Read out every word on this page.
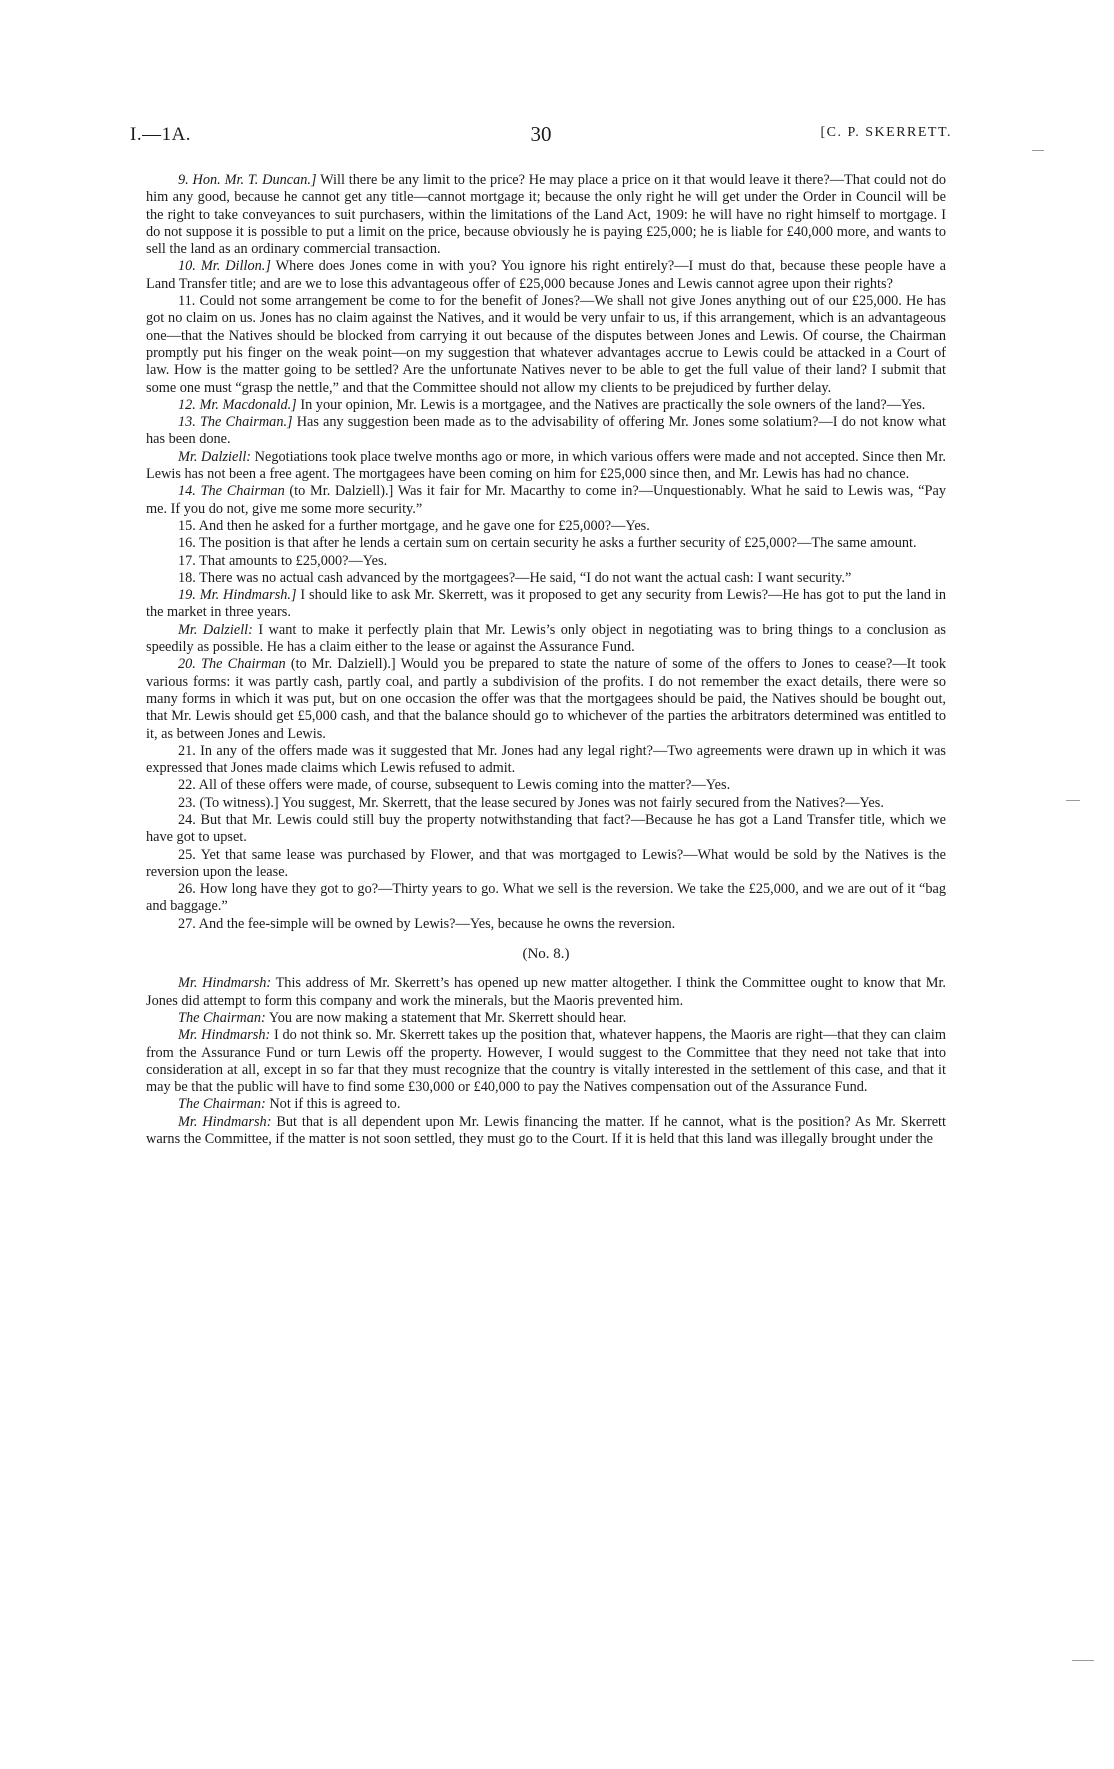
I.—1A.	30	[C. P. SKERRETT.

9. Hon. Mr. T. Duncan.] Will there be any limit to the price? He may place a price on it that would leave it there?—That could not do him any good, because he cannot get any title—cannot mortgage it; because the only right he will get under the Order in Council will be the right to take conveyances to suit purchasers, within the limitations of the Land Act, 1909: he will have no right himself to mortgage. I do not suppose it is possible to put a limit on the price, because obviously he is paying £25,000; he is liable for £40,000 more, and wants to sell the land as an ordinary commercial transaction.

10. Mr. Dillon.] Where does Jones come in with you? You ignore his right entirely?—I must do that, because these people have a Land Transfer title; and are we to lose this advantageous offer of £25,000 because Jones and Lewis cannot agree upon their rights?

11. Could not some arrangement be come to for the benefit of Jones?—We shall not give Jones anything out of our £25,000. He has got no claim on us. Jones has no claim against the Natives, and it would be very unfair to us, if this arrangement, which is an advantageous one—that the Natives should be blocked from carrying it out because of the disputes between Jones and Lewis. Of course, the Chairman promptly put his finger on the weak point—on my suggestion that whatever advantages accrue to Lewis could be attacked in a Court of law. How is the matter going to be settled? Are the unfortunate Natives never to be able to get the full value of their land? I submit that some one must “grasp the nettle,” and that the Committee should not allow my clients to be prejudiced by further delay.

12. Mr. Macdonald.] In your opinion, Mr. Lewis is a mortgagee, and the Natives are practically the sole owners of the land?—Yes.

13. The Chairman.] Has any suggestion been made as to the advisability of offering Mr. Jones some solatium?—I do not know what has been done.

Mr. Dalziell: Negotiations took place twelve months ago or more, in which various offers were made and not accepted. Since then Mr. Lewis has not been a free agent. The mortgagees have been coming on him for £25,000 since then, and Mr. Lewis has had no chance.

14. The Chairman (to Mr. Dalziell).] Was it fair for Mr. Macarthy to come in?—Unquestionably. What he said to Lewis was, “Pay me. If you do not, give me some more security.”

15. And then he asked for a further mortgage, and he gave one for £25,000?—Yes.

16. The position is that after he lends a certain sum on certain security he asks a further security of £25,000?—The same amount.

17. That amounts to £25,000?—Yes.

18. There was no actual cash advanced by the mortgagees?—He said, “I do not want the actual cash: I want security.”

19. Mr. Hindmarsh.] I should like to ask Mr. Skerrett, was it proposed to get any security from Lewis?—He has got to put the land in the market in three years.

Mr. Dalziell: I want to make it perfectly plain that Mr. Lewis’s only object in negotiating was to bring things to a conclusion as speedily as possible. He has a claim either to the lease or against the Assurance Fund.

20. The Chairman (to Mr. Dalziell).] Would you be prepared to state the nature of some of the offers to Jones to cease?—It took various forms: it was partly cash, partly coal, and partly a subdivision of the profits. I do not remember the exact details, there were so many forms in which it was put, but on one occasion the offer was that the mortgagees should be paid, the Natives should be bought out, that Mr. Lewis should get £5,000 cash, and that the balance should go to whichever of the parties the arbitrators determined was entitled to it, as between Jones and Lewis.

21. In any of the offers made was it suggested that Mr. Jones had any legal right?—Two agreements were drawn up in which it was expressed that Jones made claims which Lewis refused to admit.

22. All of these offers were made, of course, subsequent to Lewis coming into the matter?—Yes.

23. (To witness).] You suggest, Mr. Skerrett, that the lease secured by Jones was not fairly secured from the Natives?—Yes.

24. But that Mr. Lewis could still buy the property notwithstanding that fact?—Because he has got a Land Transfer title, which we have got to upset.

25. Yet that same lease was purchased by Flower, and that was mortgaged to Lewis?—What would be sold by the Natives is the reversion upon the lease.

26. How long have they got to go?—Thirty years to go. What we sell is the reversion. We take the £25,000, and we are out of it “bag and baggage.”

27. And the fee-simple will be owned by Lewis?—Yes, because he owns the reversion.

(No. 8.)

Mr. Hindmarsh: This address of Mr. Skerrett’s has opened up new matter altogether. I think the Committee ought to know that Mr. Jones did attempt to form this company and work the minerals, but the Maoris prevented him.

The Chairman: You are now making a statement that Mr. Skerrett should hear.

Mr. Hindmarsh: I do not think so. Mr. Skerrett takes up the position that, whatever happens, the Maoris are right—that they can claim from the Assurance Fund or turn Lewis off the property. However, I would suggest to the Committee that they need not take that into consideration at all, except in so far that they must recognize that the country is vitally interested in the settlement of this case, and that it may be that the public will have to find some £30,000 or £40,000 to pay the Natives compensation out of the Assurance Fund.

The Chairman: Not if this is agreed to.

Mr. Hindmarsh: But that is all dependent upon Mr. Lewis financing the matter. If he cannot, what is the position? As Mr. Skerrett warns the Committee, if the matter is not soon settled, they must go to the Court. If it is held that this land was illegally brought under the
